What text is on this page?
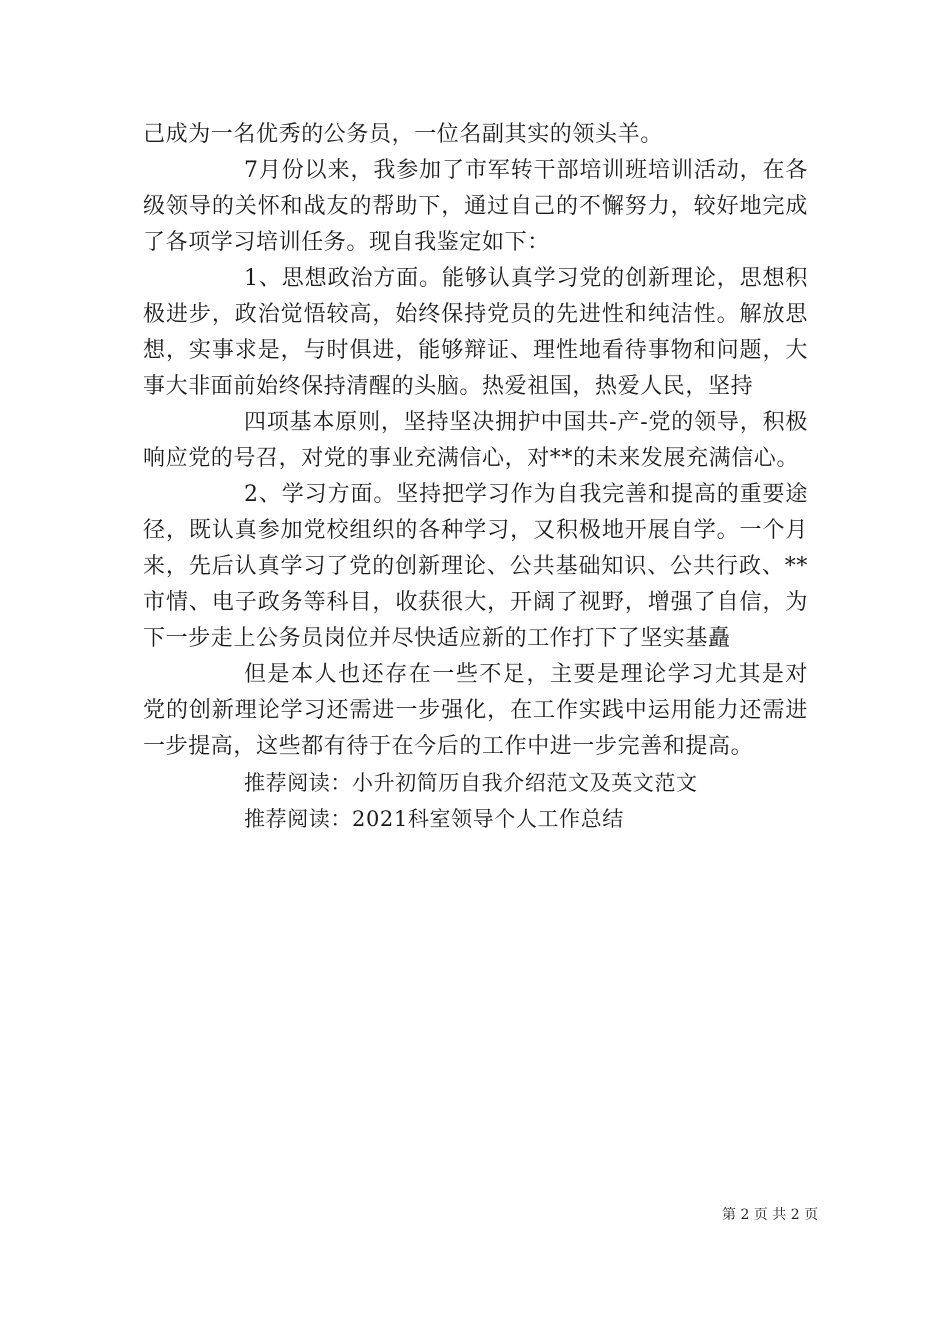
己成为一名优秀的公务员，一位名副其实的领头羊。

7月份以来，我参加了市军转干部培训班培训活动，在各级领导的关怀和战友的帮助下，通过自己的不懈努力，较好地完成了各项学习培训任务。现自我鉴定如下：

1、思想政治方面。能够认真学习党的创新理论，思想积极进步，政治觉悟较高，始终保持党员的先进性和纯洁性。解放思想，实事求是，与时俱进，能够辩证、理性地看待事物和问题，大事大非面前始终保持清醒的头脑。热爱祖国，热爱人民，坚持

四项基本原则，坚持坚决拥护中国共-产-党的领导，积极响应党的号召，对党的事业充满信心，对**的未来发展充满信心。

2、学习方面。坚持把学习作为自我完善和提高的重要途径，既认真参加党校组织的各种学习，又积极地开展自学。一个月来，先后认真学习了党的创新理论、公共基础知识、公共行政、**市情、电子政务等科目，收获很大，开阔了视野，增强了自信，为下一步走上公务员岗位并尽快适应新的工作打下了坚实基矗

但是本人也还存在一些不足，主要是理论学习尤其是对党的创新理论学习还需进一步强化，在工作实践中运用能力还需进一步提高，这些都有待于在今后的工作中进一步完善和提高。

推荐阅读：小升初简历自我介绍范文及英文范文

推荐阅读：2021科室领导个人工作总结

第 2 页 共 2 页
